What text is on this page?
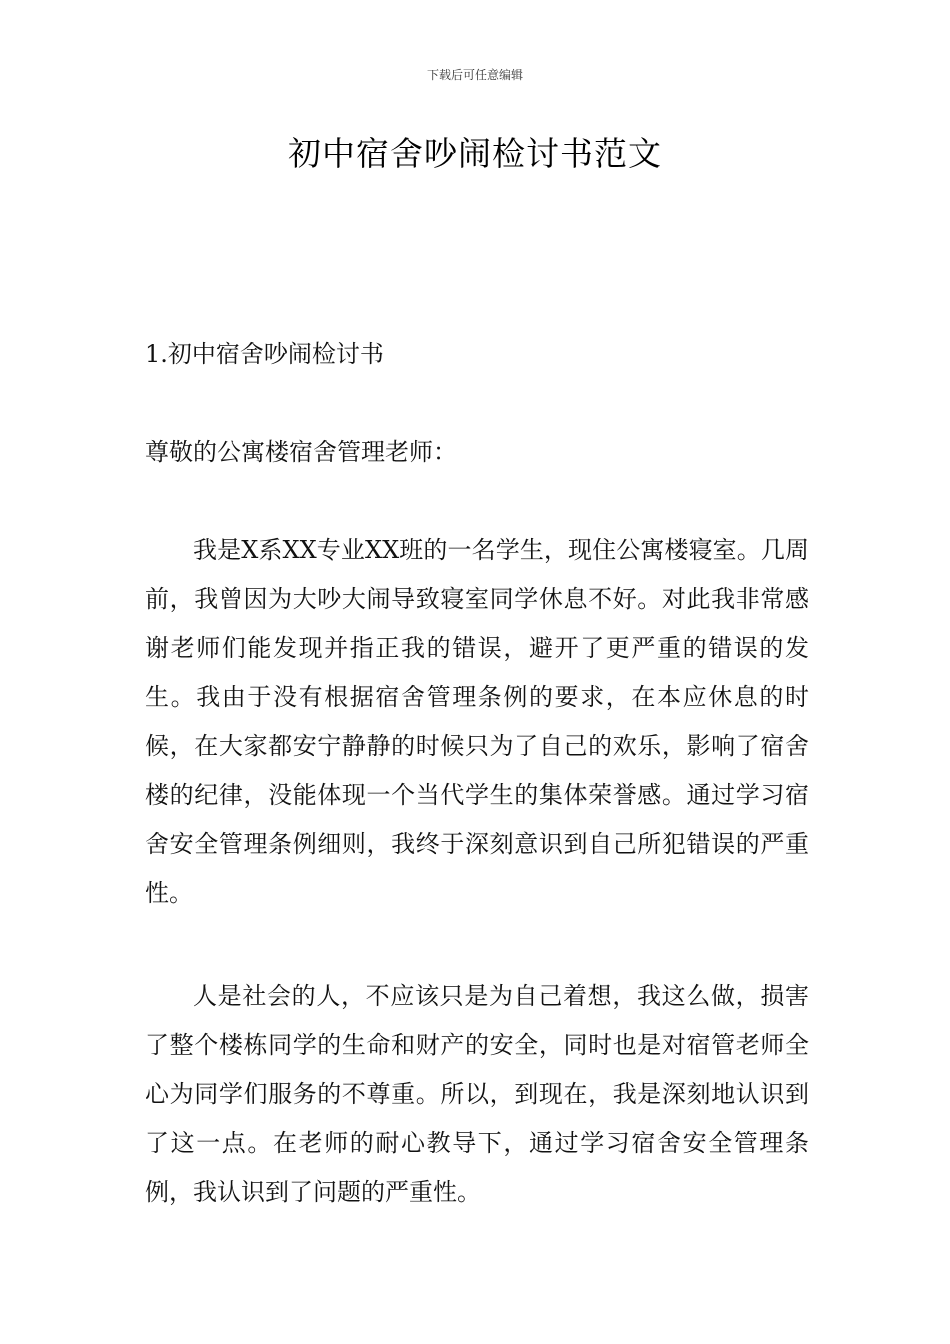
下载后可任意编辑
初中宿舍吵闹检讨书范文
1.初中宿舍吵闹检讨书

尊敬的公寓楼宿舍管理老师：

我是X系XX专业XX班的一名学生，现住公寓楼寝室。几周前，我曾因为大吵大闹导致寝室同学休息不好。对此我非常感谢老师们能发现并指正我的错误，避开了更严重的错误的发生。我由于没有根据宿舍管理条例的要求，在本应休息的时候，在大家都安宁静静的时候只为了自己的欢乐，影响了宿舍楼的纪律，没能体现一个当代学生的集体荣誉感。通过学习宿舍安全管理条例细则，我终于深刻意识到自己所犯错误的严重性。

人是社会的人，不应该只是为自己着想，我这么做，损害了整个楼栋同学的生命和财产的安全，同时也是对宿管老师全心为同学们服务的不尊重。所以，到现在，我是深刻地认识到了这一点。在老师的耐心教导下，通过学习宿舍安全管理条例，我认识到了问题的严重性。
